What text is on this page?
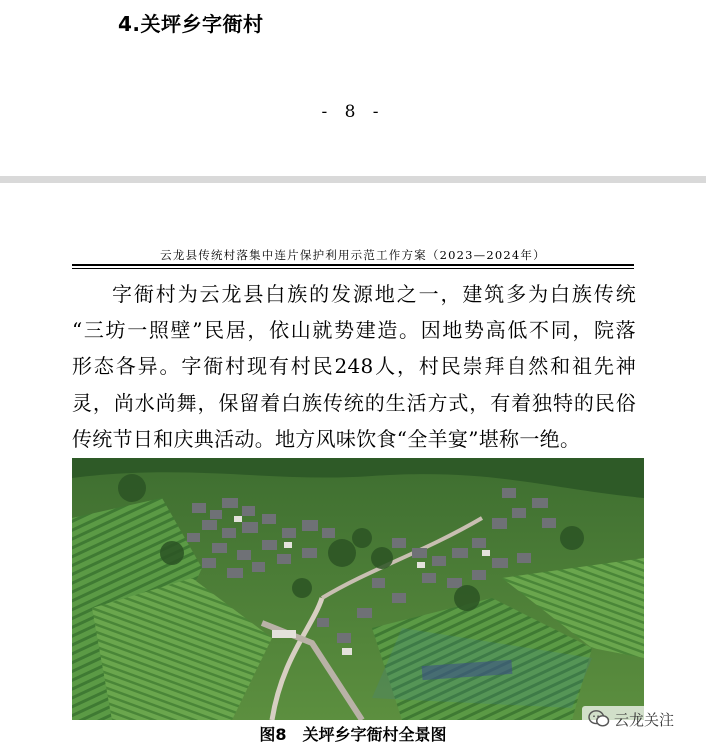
4.关坪乡字衙村
- 8 -
云龙县传统村落集中连片保护利用示范工作方案（2023—2024年）

字衙村为云龙县白族的发源地之一，建筑多为白族传统
“三坊一照壁”民居，依山就势建造。因地势高低不同，院落
形态各异。字衙村现有村民248人，村民崇拜自然和祖先神
灵，尚水尚舞，保留着白族传统的生活方式，有着独特的民俗
传统节日和庆典活动。地方风味饮食“全羊宴”堪称一绝。

图8　关坪乡字衙村全景图
云龙关注
